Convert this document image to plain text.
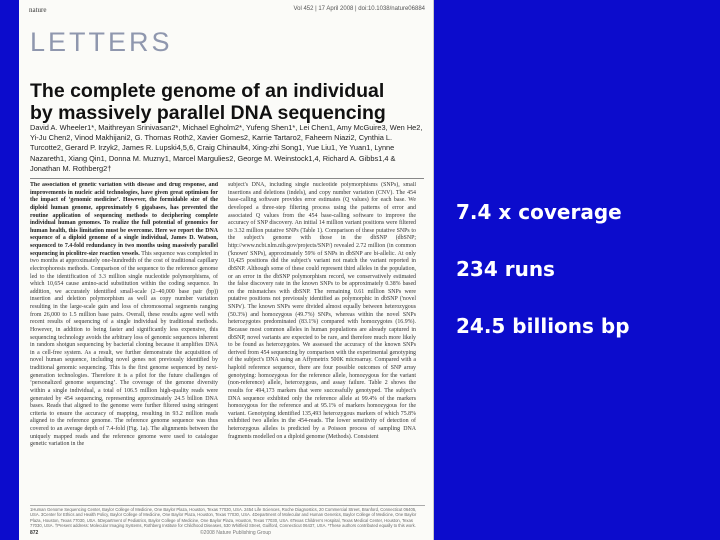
nature	Vol 452 | 17 April 2008 | doi:10.1038/nature06884
LETTERS
The complete genome of an individual by massively parallel DNA sequencing
David A. Wheeler1*, Maithreyan Srinivasan2*, Michael Egholm2*, Yufeng Shen1*, Lei Chen1, Amy McGuire3, Wen He2, Yi-Ju Chen2, Vinod Makhijani2, G. Thomas Roth2, Xavier Gomes2, Karrie Tartaro2, Faheem Niazi2, Cynthia L. Turcotte2, Gerard P. Irzyk2, James R. Lupski4,5,6, Craig Chinault4, Xing-zhi Song1, Yue Liu1, Ye Yuan1, Lynne Nazareth1, Xiang Qin1, Donna M. Muzny1, Marcel Margulies2, George M. Weinstock1,4, Richard A. Gibbs1,4 & Jonathan M. Rothberg2†
The association of genetic variation with disease and drug response, and improvements in nucleic acid technologies, have given great optimism for the impact of ‘genomic medicine’. However, the formidable size of the diploid human genome, approximately 6 gigabases, has prevented the routine application of sequencing methods to deciphering complete individual human genomes. To realize the full potential of genomics for human health, this limitation must be overcome. Here we report the DNA sequence of a diploid genome of a single individual, James D. Watson, sequenced to 7.4-fold redundancy in two months using massively parallel sequencing in picolitre-size reaction vessels. This sequence was completed in two months at approximately one-hundredth of the cost of traditional capillary electrophoresis methods. Comparison of the sequence to the reference genome led to the identification of 3.3 million single nucleotide polymorphisms, of which 10,654 cause amino-acid substitution within the coding sequence. In addition, we accurately identified small-scale (2–40,000 base pair (bp)) insertion and deletion polymorphism as well as copy number variation resulting in the large-scale gain and loss of chromosomal segments ranging from 26,000 to 1.5 million base pairs. Overall, these results agree well with recent results of sequencing of a single individual by traditional methods. However, in addition to being faster and significantly less expensive, this sequencing technology avoids the arbitrary loss of genomic sequences inherent in random shotgun sequencing by bacterial cloning because it amplifies DNA in a cell-free system. As a result, we further demonstrate the acquisition of novel human sequence, including novel genes not previously identified by traditional genomic sequencing. This is the first genome sequenced by next-generation technologies. Therefore it is a pilot for the future challenges of ‘personalized genome sequencing’. The coverage of the genome diversity within a single individual, a total of 106.5 million high-quality reads were generated by 454 sequencing, representing approximately 24.5 billion DNA bases. Reads that aligned to the genome were further filtered using stringent criteria to ensure the accuracy of mapping, resulting in 93.2 million reads aligned to the reference genome. The reference genome sequence was thus covered to an average depth of 7.4-fold (Fig. 1a). The alignments between the uniquely mapped reads and the reference genome were used to catalogue genetic variation in the
subject's DNA, including single nucleotide polymorphisms (SNPs), small insertions and deletions (indels), and copy number variation (CNV). The 454 base-calling software provides error estimates (Q values) for each base. We developed a three-step filtering process using the patterns of error and associated Q values from the 454 base-calling software to improve the accuracy of SNP discovery. An initial 14 million variant positions were filtered to 3.32 million putative SNPs (Table 1). Comparison of these putative SNPs to the subject's genome with those in the dbSNP (dbSNP; http://www.ncbi.nlm.nih.gov/projects/SNP/) revealed 2.72 million (in common ('known' SNPs), approximately 59% of SNPs in dbSNP are bi-allelic. At only 10,425 positions did the subject's variant not match the variant reported in dbSNP. Although some of these could represent third alleles in the population, or an error in the dbSNP polymorphism record, we conservatively estimated the false discovery rate in the known SNPs to be approximately 0.38% based on the mismatches with dbSNP. The remaining 0.61 million SNPs were putative positions not previously identified as polymorphic in dbSNP ('novel SNPs'). The known SNPs were divided almost equally between heterozygous (50.3%) and homozygous (49.7%) SNPs, whereas within the novel SNPs heterozygotes predominated (83.1%) compared with homozygotes (16.9%). Because most common alleles in human populations are already captured in dbSNP, novel variants are expected to be rare, and therefore much more likely to be found as heterozygotes. We assessed the accuracy of the known SNPs derived from 454 sequencing by comparison with the experimental genotyping of the subject's DNA using an Affymetrix 500K microarray. Compared with a haploid reference sequence, there are four possible outcomes of SNP array genotyping: homozygous for the reference allele, homozygous for the variant (non-reference) allele, heterozygous, and assay failure. Table 2 shows the results for 494,173 markers that were successfully genotyped. The subject's DNA sequence exhibited only the reference allele at 99.4% of the markers homozygous for the reference and at 95.1% of markers homozygous for the variant. Genotyping identified 135,493 heterozygous markers of which 75.8% exhibited two alleles in the 454-reads. The lower sensitivity of detection of heterozygous alleles is predicted by a Poisson process of sampling DNA fragments modelled on a diploid genome (Methods). Consistent
1Human Genome Sequencing Center, Baylor College of Medicine, One Baylor Plaza, Houston, Texas 77030, USA. 2454 Life Sciences, Roche Diagnostics, 20 Commercial Street, Branford, Connecticut 06405, USA. 3Center for Ethics and Health Policy, Baylor College of Medicine, One Baylor Plaza, Houston, Texas 77030, USA. 4Department of Molecular and Human Genetics, Baylor College of Medicine, One Baylor Plaza, Houston, Texas 77030, USA. 5Department of Pediatrics, Baylor College of Medicine, One Baylor Plaza, Houston, Texas 77030, USA. 6Texas Children's Hospital, Texas Medical Center, Houston, Texas 77030, USA. †Present address: Molecular Imaging Systems, Rothberg Institute for Childhood Diseases, 530 Whitfield Street, Guilford, Connecticut 06437, USA. *These authors contributed equally to this work.
872	©2008 Nature Publishing Group
7.4 x coverage
234 runs
24.5 billions bp
